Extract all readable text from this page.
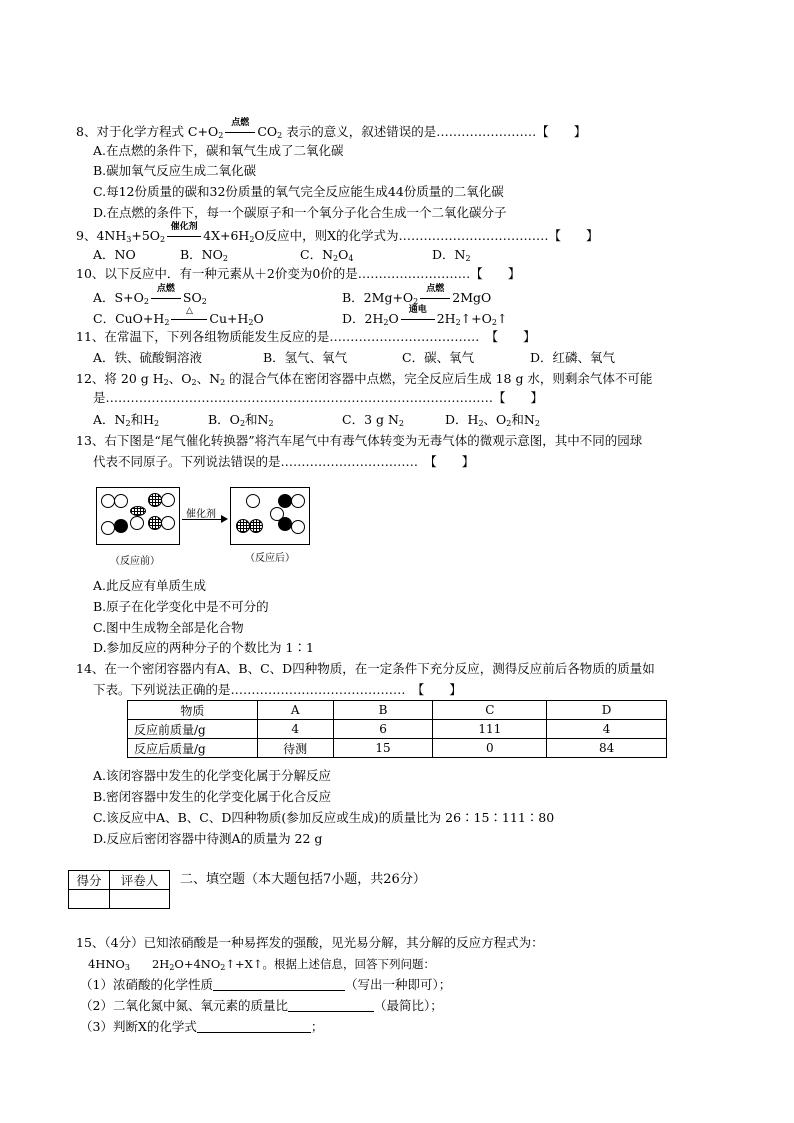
8、对于化学方程式 $C+O_2$
点燃
$CO_2$ 表示的意义，叙述错误的是……………………【　　】
A.在点燃的条件下，碳和氧气生成了二氧化碳
B.碳加氧气反应生成二氧化碳
C.每12份质量的碳和32份质量的氧气完全反应能生成44份质量的二氧化碳
D.在点燃的条件下，每一个碳原子和一个氧分子化合生成一个二氧化碳分子
9、$4NH_3+5O_2$
催化剂
$4X+6H_2O$反应中，则X的化学式为………………………………【　　】
A．NO	B．$NO_2$	C．$N_2O_4$	D．$N_2$
10、以下反应中．有一种元素从＋2价变为0价的是………………………【　　】
A．$S+O_2$
点燃
$SO_2$	B．$2Mg+O_2$
点燃
2MgO
C．$CuO+H_2$
△	$Cu+H_2O$	D．$2H_2O$
通电
$2H_2↑+O_2↑$
11、在常温下，下列各组物质能发生反应的是………………………………　【　　】
A．铁、硫酸铜溶液	B．氢气、氧气	C．碳、氧气	D．红磷、氧气
12、将 20 g $H_2$、$O_2$、$N_2$ 的混合气体在密闭容器中点燃，完全反应后生成 18 g 水，则剩余气体不可能
是…………………………………………………………………………………【　　】
A．$N_2$和$H_2$	B．$O_2$和$N_2$	C．3 g $N_2$	D．$H_2$、$O_2$和$N_2$
13、右下图是“尾气催化转换器”将汽车尾气中有毒气体转变为无毒气体的微观示意图，其中不同的园球
代表不同原子。下列说法错误的是……………………………　【　　】
催化剂
（反应前）	（反应后）
A.此反应有单质生成
B.原子在化学变化中是不可分的
C.图中生成物全部是化合物
D.参加反应的两种分子的个数比为 1∶1
14、在一个密闭容器内有A、B、C、D四种物质，在一定条件下充分反应，测得反应前后各物质的质量如
下表。下列说法正确的是……………………………………　【　　】
物质	A	B	C	D
反应前质量/g	4	6	111	4
反应后质量/g	待测	15	0	84
A.该闭容器中发生的化学变化属于分解反应
B.密闭容器中发生的化学变化属于化合反应
C.该反应中A、B、C、D四种物质(参加反应或生成)的质量比为 26∶15∶111∶80
D.反应后密闭容器中待测A的质量为 22 g
得分	评卷人
	二、填空题（本大题包括7小题，共26分）
15、（4分）已知浓硝酸是一种易挥发的强酸，见光易分解，其分解的反应方程式为：
$4HNO_3$ $2H_2O+4NO_2↑+X↑$。根据上述信息，回答下列问题：
（1）浓硝酸的化学性质	（写出一种即可）；
（2）二氧化氮中氮、氧元素的质量比	（最简比）；
（3）判断X的化学式	；
